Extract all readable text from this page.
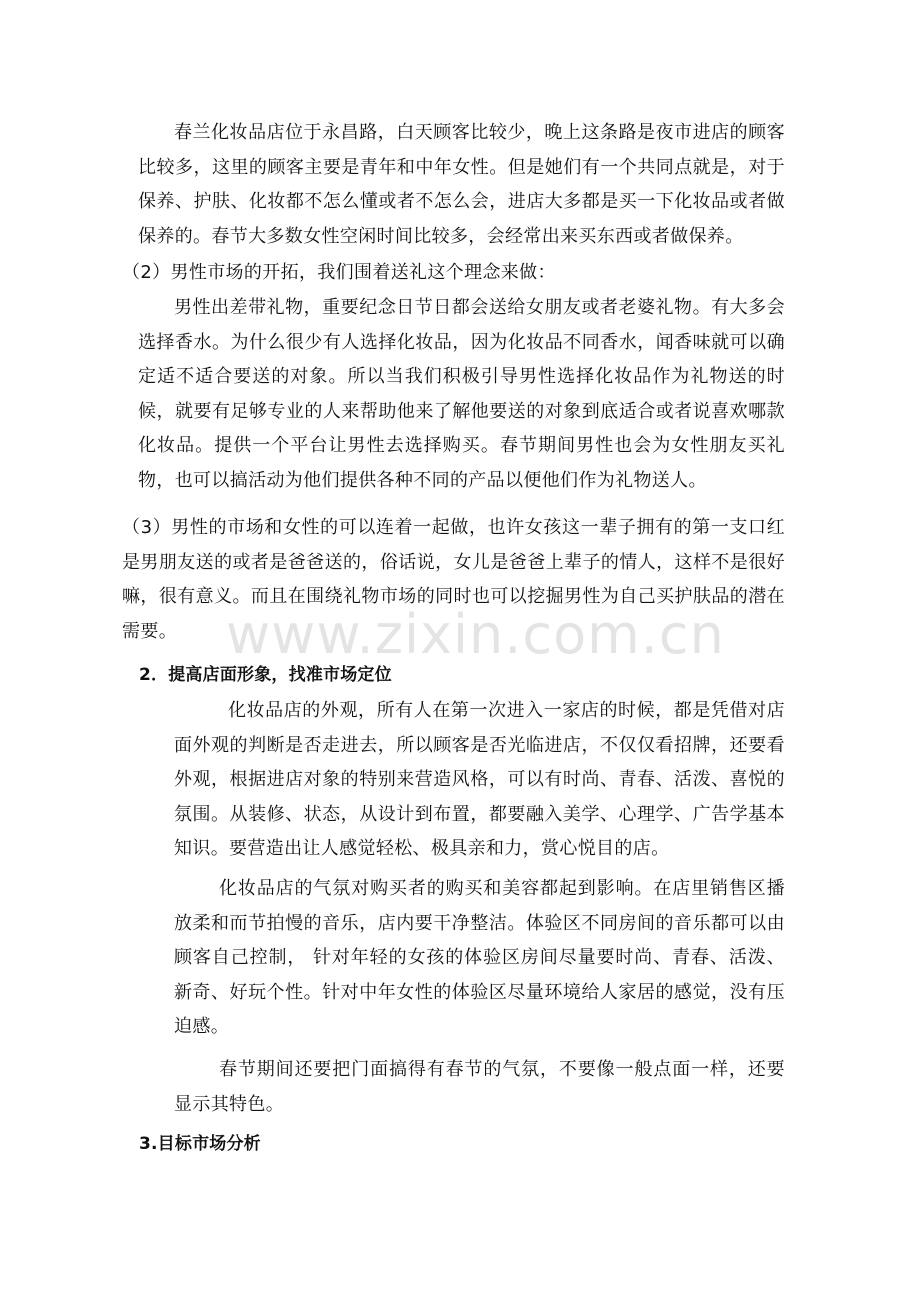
春兰化妆品店位于永昌路，白天顾客比较少，晚上这条路是夜市进店的顾客比较多，这里的顾客主要是青年和中年女性。但是她们有一个共同点就是，对于保养、护肤、化妆都不怎么懂或者不怎么会，进店大多都是买一下化妆品或者做保养的。春节大多数女性空闲时间比较多，会经常出来买东西或者做保养。

（2）男性市场的开拓，我们围着送礼这个理念来做：

男性出差带礼物，重要纪念日节日都会送给女朋友或者老婆礼物。有大多会选择香水。为什么很少有人选择化妆品，因为化妆品不同香水，闻香味就可以确定适不适合要送的对象。所以当我们积极引导男性选择化妆品作为礼物送的时候，就要有足够专业的人来帮助他来了解他要送的对象到底适合或者说喜欢哪款化妆品。提供一个平台让男性去选择购买。春节期间男性也会为女性朋友买礼物，也可以搞活动为他们提供各种不同的产品以便他们作为礼物送人。

（3）男性的市场和女性的可以连着一起做，也许女孩这一辈子拥有的第一支口红是男朋友送的或者是爸爸送的，俗话说，女儿是爸爸上辈子的情人，这样不是很好嘛，很有意义。而且在围绕礼物市场的同时也可以挖掘男性为自己买护肤品的潜在需要。

2．提高店面形象，找准市场定位

化妆品店的外观，所有人在第一次进入一家店的时候，都是凭借对店面外观的判断是否走进去，所以顾客是否光临进店，不仅仅看招牌，还要看外观，根据进店对象的特别来营造风格，可以有时尚、青春、活泼、喜悦的氛围。从装修、状态，从设计到布置，都要融入美学、心理学、广告学基本知识。要营造出让人感觉轻松、极具亲和力，赏心悦目的店。

化妆品店的气氛对购买者的购买和美容都起到影响。在店里销售区播放柔和而节拍慢的音乐，店内要干净整洁。体验区不同房间的音乐都可以由顾客自己控制， 针对年轻的女孩的体验区房间尽量要时尚、青春、活泼、新奇、好玩个性。针对中年女性的体验区尽量环境给人家居的感觉，没有压迫感。

春节期间还要把门面搞得有春节的气氛，不要像一般点面一样，还要显示其特色。

3.目标市场分析
www.zixin.com.cn
